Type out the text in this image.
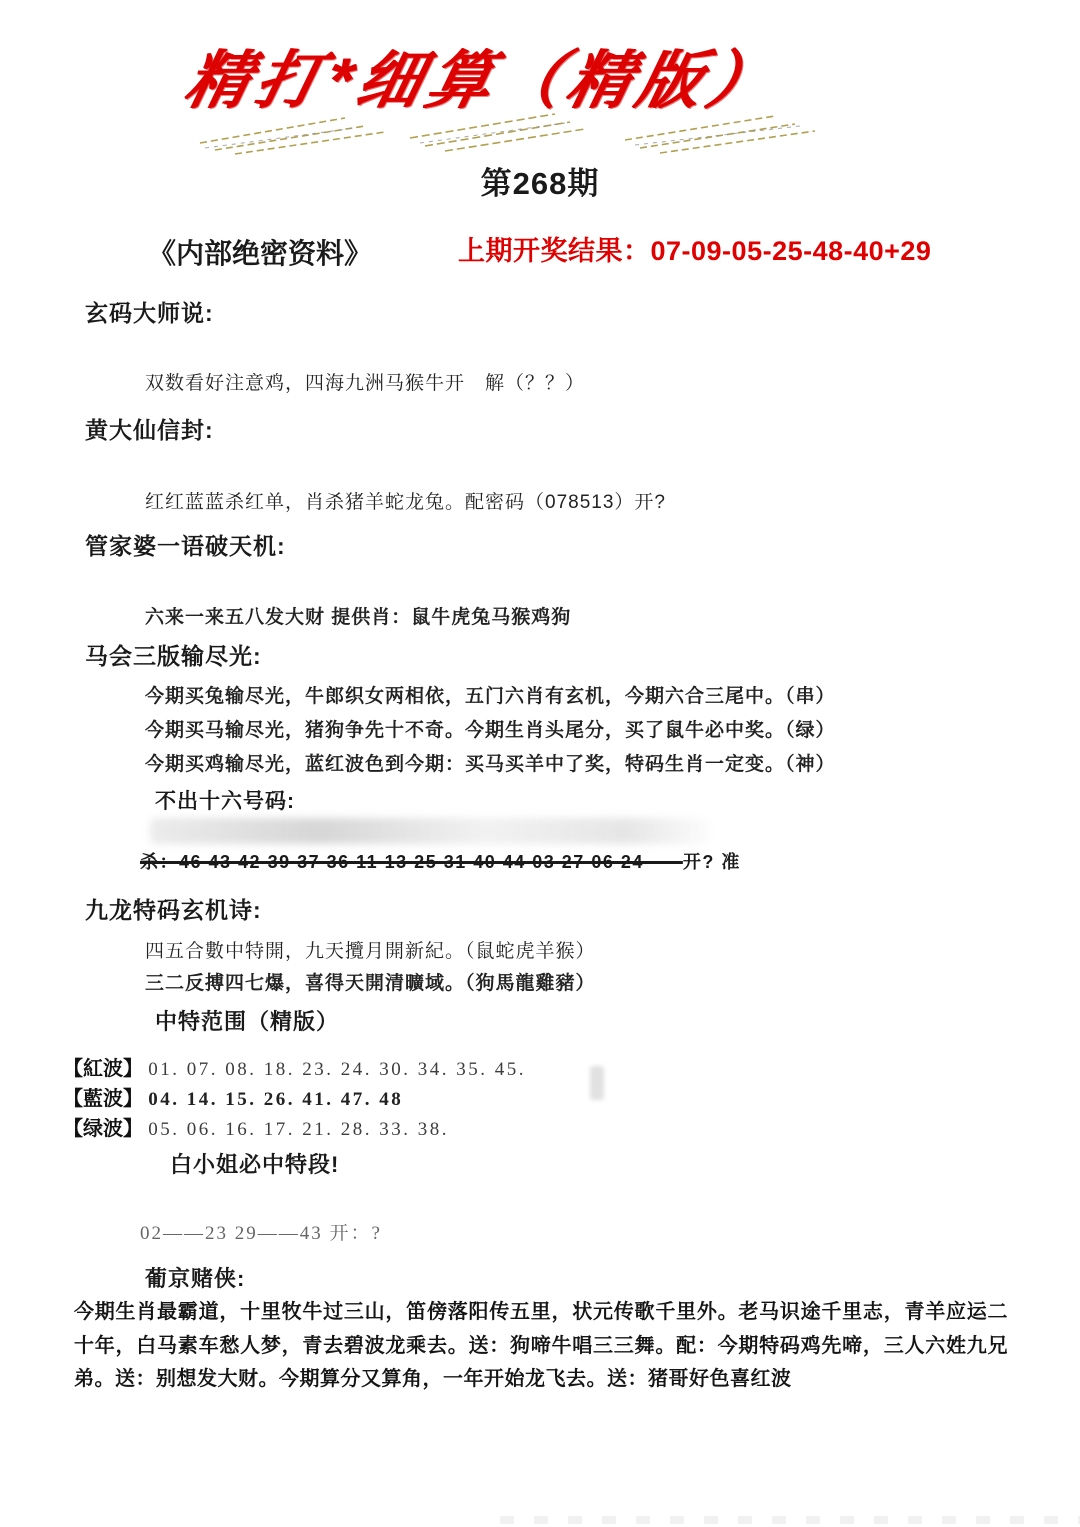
精打*细算（精版）
第268期
《内部绝密资料》	上期开奖结果：07-09-05-25-48-40+29
玄码大师说:
双数看好注意鸡，四海九洲马猴牛开　解（？？）
黄大仙信封:
红红蓝蓝杀红单，肖杀猪羊蛇龙兔。配密码（078513）开?
管家婆一语破天机:
六来一来五八发大财 提供肖：鼠牛虎兔马猴鸡狗
马会三版输尽光:
今期买兔输尽光，牛郎织女两相依，五门六肖有玄机，今期六合三尾中。（串）
今期买马输尽光，猪狗争先十不奇。今期生肖头尾分，买了鼠牛必中奖。（绿）
今期买鸡输尽光，蓝红波色到今期：买马买羊中了奖，特码生肖一定变。（神）
不出十六号码:
杀：46 43 42 39 37 36 11 13 25 31 40 44 03 27 06 24——开? 准
九龙特码玄机诗:
四五合數中特開，九天攬月開新紀。（鼠蛇虎羊猴）
三二反搏四七爆，喜得天開清曠域。（狗馬龍雞豬）
中特范围（精版）
【紅波】 01. 07. 08. 18. 23. 24. 30. 34. 35. 45.
【藍波】 04. 14. 15. 26. 41. 47. 48
【绿波】 05. 06. 16. 17. 21. 28. 33. 38.
白小姐必中特段!
02——23 29——43 开：?
葡京赌侠:
今期生肖最霸道，十里牧牛过三山，笛傍落阳传五里，状元传歌千里外。老马识途千里志，青羊应运二十年，白马素车愁人梦，青去碧波龙乘去。送：狗啼牛唱三三舞。配：今期特码鸡先啼，三人六姓九兄弟。送：别想发大财。今期算分又算角，一年开始龙飞去。送：猪哥好色喜红波
